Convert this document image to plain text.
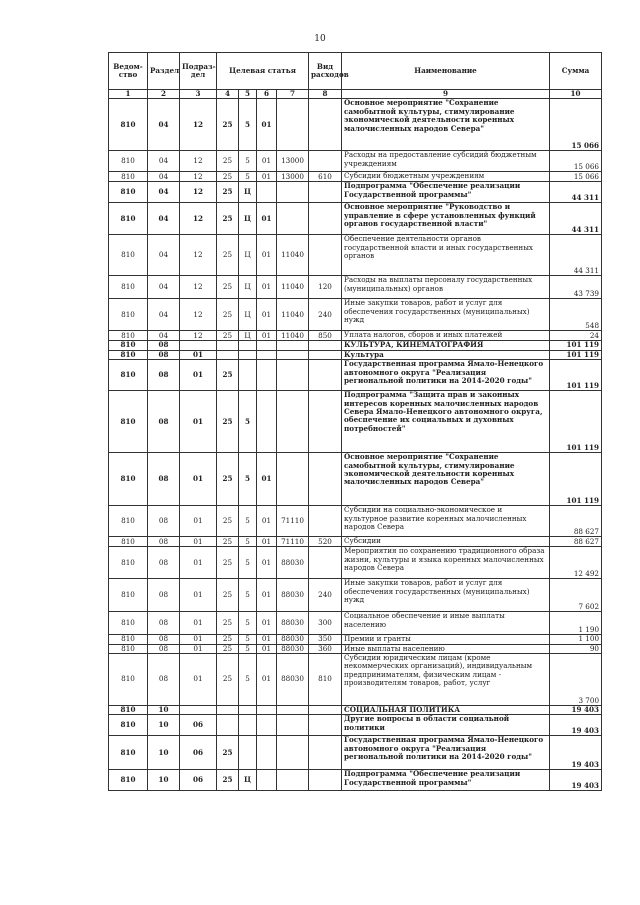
10
Ведом-ство	Раздел	Подраз-дел	Целевая статья				Вид расходов	Наименование	Сумма
1	2	3	4	5	6	7	8	9	10
810	04	12	25	5	01			Основное мероприятие "Сохранение самобытной культуры, стимулирование экономической деятельности коренных малочисленных народов Севера"	15 066
810	04	12	25	5	01	13000		Расходы на предоставление субсидий бюджетным учреждениям	15 066
810	04	12	25	5	01	13000	610	Субсидии бюджетным учреждениям	15 066
810	04	12	25	Ц				Подпрограмма "Обеспечение реализации Государственной программы"	44 311
810	04	12	25	Ц	01			Основное мероприятие "Руководство и управление в сфере установленных функций органов государственной власти"	44 311
810	04	12	25	Ц	01	11040		Обеспечение деятельности органов государственной власти и иных государственных органов	44 311
810	04	12	25	Ц	01	11040	120	Расходы на выплаты персоналу государственных (муниципальных) органов	43 739
810	04	12	25	Ц	01	11040	240	Иные закупки товаров, работ и услуг для обеспечения государственных (муниципальных) нужд	548
810	04	12	25	Ц	01	11040	850	Уплата налогов, сборов и иных платежей	24
810	08							КУЛЬТУРА, КИНЕМАТОГРАФИЯ	101 119
810	08	01						Культура	101 119
810	08	01	25					Государственная программа Ямало-Ненецкого автономного округа "Реализация региональной политики на 2014-2020 годы"	101 119
810	08	01	25	5				Подпрограмма "Защита прав и законных интересов коренных малочисленных народов Севера Ямало-Ненецкого автономного округа, обеспечение их социальных и духовных потребностей"	101 119
810	08	01	25	5	01			Основное мероприятие "Сохранение самобытной культуры, стимулирование экономической деятельности коренных малочисленных народов Севера"	101 119
810	08	01	25	5	01	71110		Субсидии на социально-экономическое и культурное развитие коренных малочисленных народов Севера	88 627
810	08	01	25	5	01	71110	520	Субсидии	88 627
810	08	01	25	5	01	88030		Мероприятия по сохранению традиционного образа жизни, культуры и языка коренных малочисленных народов Севера	12 492
810	08	01	25	5	01	88030	240	Иные закупки товаров, работ и услуг для обеспечения государственных (муниципальных) нужд	7 602
810	08	01	25	5	01	88030	300	Социальное обеспечение и иные выплаты населению	1 190
810	08	01	25	5	01	88030	350	Премии и гранты	1 100
810	08	01	25	5	01	88030	360	Иные выплаты населению	90
810	08	01	25	5	01	88030	810	Субсидии юридическим лицам (кроме некоммерческих организаций), индивидуальным предпринимателям, физическим лицам - производителям товаров, работ, услуг	3 700
810	10							СОЦИАЛЬНАЯ ПОЛИТИКА	19 403
810	10	06						Другие вопросы в области социальной политики	19 403
810	10	06	25					Государственная программа Ямало-Ненецкого автономного округа "Реализация региональной политики на 2014-2020 годы"	19 403
810	10	06	25	Ц				Подпрограмма "Обеспечение реализации Государственной программы"	19 403
